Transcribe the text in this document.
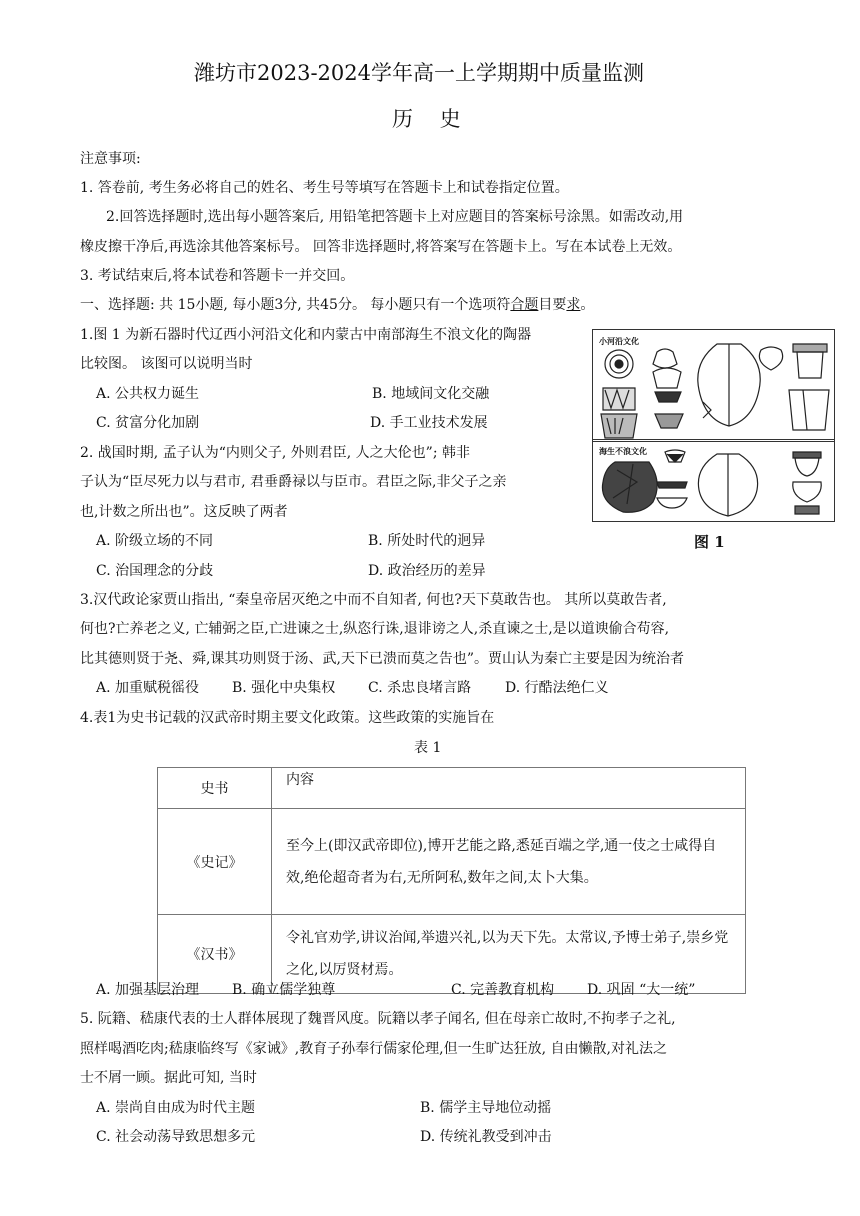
潍坊市2023-2024学年高一上学期期中质量监测
历 史
注意事项:
1. 答卷前, 考生务必将自己的姓名、考生号等填写在答题卡上和试卷指定位置。
2.回答选择题时,选出每小题答案后, 用铅笔把答题卡上对应题目的答案标号涂黑。如需改动,用
橡皮擦干净后,再选涂其他答案标号。 回答非选择题时,将答案写在答题卡上。写在本试卷上无效。
3. 考试结束后,将本试卷和答题卡一并交回。
一、选择题: 共 15小题, 每小题3分, 共45分。 每小题只有一个选项符合题目要求。
小河沿文化
海生不浪文化
图 1
1.图 1 为新石器时代辽西小河沿文化和内蒙古中南部海生不浪文化的陶器
比较图。 该图可以说明当时
A. 公共权力诞生	B. 地域间文化交融
C. 贫富分化加剧	D. 手工业技术发展
2. 战国时期, 孟子认为“内则父子, 外则君臣, 人之大伦也”; 韩非
子认为“臣尽死力以与君市, 君垂爵禄以与臣市。君臣之际,非父子之亲
也,计数之所出也”。这反映了两者
A. 阶级立场的不同	B. 所处时代的迥异
C. 治国理念的分歧	D. 政治经历的差异
3.汉代政论家贾山指出, “秦皇帝居灭绝之中而不自知者, 何也?天下莫敢告也。 其所以莫敢告者,
何也?亡养老之义, 亡辅弼之臣,亡进谏之士,纵恣行诛,退诽谤之人,杀直谏之士,是以道谀偷合苟容,
比其德则贤于尧、舜,课其功则贤于汤、武,天下已溃而莫之告也”。贾山认为秦亡主要是因为统治者
A. 加重赋税徭役 B. 强化中央集权 C. 杀忠良堵言路 D. 行酷法绝仁义
4.表1为史书记载的汉武帝时期主要文化政策。这些政策的实施旨在
表 1
史书	内容
《史记》	至今上(即汉武帝即位),博开艺能之路,悉延百端之学,通一伎之士咸得自效,绝伦超奇者为右,无所阿私,数年之间,太卜大集。
《汉书》	令礼官劝学,讲议治闻,举遗兴礼,以为天下先。太常议,予博士弟子,崇乡党之化,以厉贤材焉。
A. 加强基层治理 B. 确立儒学独尊	C. 完善教育机构 D. 巩固 “大一统”
5. 阮籍、嵇康代表的士人群体展现了魏晋风度。阮籍以孝子闻名, 但在母亲亡故时,不拘孝子之礼,
照样喝酒吃肉;嵇康临终写《家诫》,教育子孙奉行儒家伦理,但一生旷达狂放, 自由懒散,对礼法之
士不屑一顾。据此可知, 当时
A. 崇尚自由成为时代主题	B. 儒学主导地位动摇
C. 社会动荡导致思想多元	D. 传统礼教受到冲击
